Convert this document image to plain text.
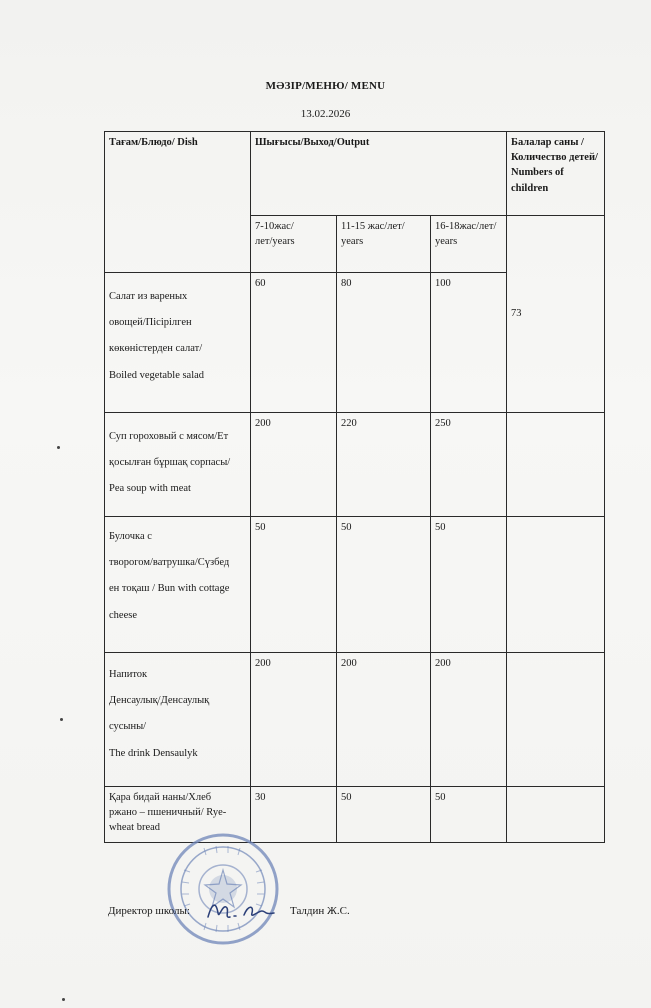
МӘЗІР/МЕНЮ/ MENU
13.02.2026
Тағам/Блюдо/ Dish	Шығысы/Выход/Output			Балалар саны /Количество детей/ Numbers of children
	7-10жас/лет/years	11-15 жас/лет/ years	16-18жас/лет/ years	73

Салат из вареных
овощей/Пісірілген
көкөністерден салат/
Boiled vegetable salad	60	80	100	

Суп гороховый с мясом/Ет
қосылған бұршақ сорпасы/
Pea soup with meat	200	220	250	

Булочка с
творогом/ватрушка/Сүзбед
ен тоқаш / Bun with cottage
cheese	50	50	50	

Напиток
Денсаулық/Денсаулық
сусыны/
The drink Densaulyk	200	200	200	

Қара бидай наны/Хлеб
ржано – пшеничный/ Rye-
wheat bread	30	50	50	
Директор школы:	Талдин Ж.С.
